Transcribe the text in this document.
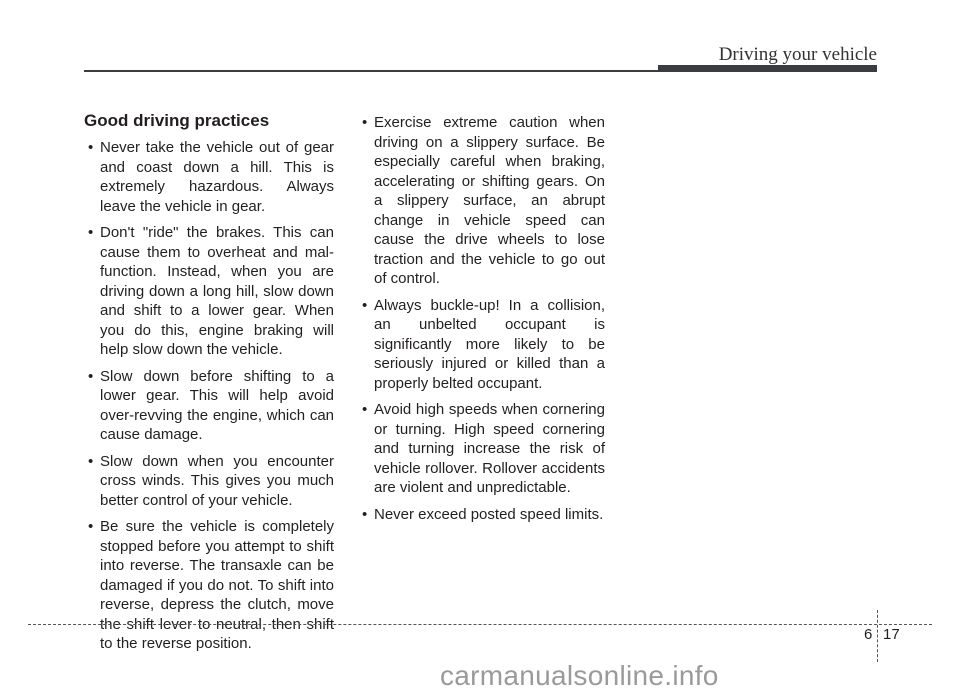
Driving your vehicle
Good driving practices
• Never take the vehicle out of gear and coast down a hill. This is extremely hazardous. Always leave the vehicle in gear.
• Don't "ride" the brakes. This can cause them to overheat and mal-function. Instead, when you are driving down a long hill, slow down and shift to a lower gear. When you do this, engine braking will help slow down the vehicle.
• Slow down before shifting to a lower gear. This will help avoid over-revving the engine, which can cause damage.
• Slow down when you encounter cross winds. This gives you much better control of your vehicle.
• Be sure the vehicle is completely stopped before you attempt to shift into reverse. The transaxle can be damaged if you do not. To shift into reverse, depress the clutch, move the shift lever to neutral, then shift to the reverse position.
• Exercise extreme caution when driving on a slippery surface. Be especially careful when braking, accelerating or shifting gears. On a slippery surface, an abrupt change in vehicle speed can cause the drive wheels to lose traction and the vehicle to go out of control.
• Always buckle-up! In a collision, an unbelted occupant is significantly more likely to be seriously injured or killed than a properly belted occupant.
• Avoid high speeds when cornering or turning. High speed cornering and turning increase the risk of vehicle rollover. Rollover accidents are violent and unpredictable.
• Never exceed posted speed limits.
6 17
carmanualsonline.info
